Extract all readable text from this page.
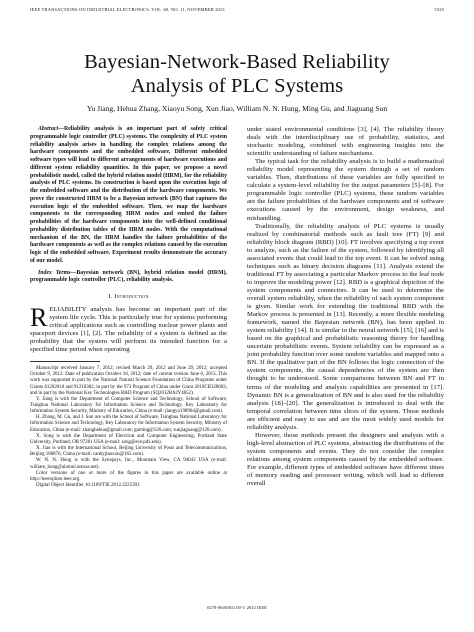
IEEE TRANSACTIONS ON INDUSTRIAL ELECTRONICS, VOL. 60, NO. 11, NOVEMBER 2013	5325
Bayesian-Network-Based Reliability
Analysis of PLC Systems
Yu Jiang, Hehua Zhang, Xiaoyu Song, Xun Jiao, William N. N. Hung, Ming Gu, and Jiaguang Sun
Abstract—Reliability analysis is an important part of safety critical programmable logic controller (PLC) systems. The complexity of PLC system reliability analysis arises in handling the complex relations among the hardware components and the embedded software. Different embedded software types will lead to different arrangements of hardware executions and different system reliability quantities. In this paper, we propose a novel probabilistic model, called the hybrid relation model (HRM), for the reliability analysis of PLC systems. Its construction is based upon the execution logic of the embedded software and the distribution of the hardware components. We prove the constructed HRM to be a Bayesian network (BN) that captures the execution logic of the embedded software. Then, we map the hardware components to the corresponding HRM nodes and embed the failure probabilities of the hardware components into the well-defined conditional probability distribution tables of the HRM nodes. With the computational mechanism of the BN, the HRM handles the failure probabilities of the hardware components as well as the complex relations caused by the execution logic of the embedded software. Experiment results demonstrate the accuracy of our model.
Index Terms—Bayesian network (BN), hybrid relation model (HRM), programmable logic controller (PLC), reliability analysis.
I. Introduction
RELIABILITY analysis has become an important part of the system life cycle. This is particularly true for systems performing critical applications such as controlling nuclear power plants and spaceport devices [1], [2]. The reliability of a system is defined as the probability that the system will perform its intended function for a specified time period when operating

Manuscript received January 7, 2012; revised March 29, 2012 and June 29, 2012; accepted October 9, 2012. Date of publication October 18, 2012; date of current version June 6, 2013. This work was supported in part by the National Natural Science Foundation of China Programs under Grants 61202010 and 91218302, in part by the 973 Program of China under Grant 2010CB328003, and in part by the National Key Technologies R&D Program (SQ2012BAJY4052).

Y. Jiang is with the Department of Computer Science and Technology, School of Software, Tsinghua National Laboratory for Information Science and Technology, Key Laboratory for Information System Security, Ministry of Education, China (e-mail: jiangyu198964@gmail.com).

H. Zhang, M. Gu, and J. Sun are with the School of Software, Tsinghua National Laboratory for Information Science and Technology, Key Laboratory for Information System Security, Ministry of Education, China (e-mail: zhanghehua@gmail.com; guming@126.com; sunjiaguang@126.com).

X. Song is with the Department of Electrical and Computer Engineering, Portland State University, Portland, OR 97201 USA (e-mail: song@ece.pdx.edu).

X. Jiao is with the International School, Beijing University of Posts and Telecommunications, Beijing 100876, China (e-mail: canbyjiaoxun@163.com).

W. N. N. Hung is with the Synopsys, Inc., Mountain View, CA 94043 USA (e-mail: william_hung@alumni.utexas.net).

Color versions of one or more of the figures in this paper are available online at http://ieeexplore.ieee.org.

Digital Object Identifier 10.1109/TIE.2012.2225393

under stated environmental conditions [3], [4]. The reliability theory deals with the interdisciplinary use of probability, statistics, and stochastic modeling, combined with engineering insights into the scientific understanding of failure mechanisms.

The typical task for the reliability analysis is to build a mathematical reliability model representing the system through a set of random variables. Then, distributions of these variables are fully specified to calculate a system-level reliability for the output parameters [5]–[8]. For programmable logic controller (PLC) systems, these random variables are the failure probabilities of the hardware components and of software executions caused by the environment, design weakness, and mishandling.

Traditionally, the reliability analysis of PLC systems is usually realized by combinatorial methods such as fault tree (FT) [9] and reliability block diagram (RBD) [10]. FT involves specifying a top event to analyze, such as the failure of the system, followed by identifying all associated events that could lead to the top event. It can be solved using techniques such as binary decision diagrams [11]. Analysts extend the traditional FT by associating a particular Markov process to the leaf node to improve the modeling power [12]. RBD is a graphical depiction of the system components and connectors. It can be used to determine the overall system reliability, when the reliability of each system component is given. Similar work for extending the traditional RBD with the Markov process is presented in [13]. Recently, a more flexible modeling framework, named the Bayesian network (BN), has been applied in system reliability [14]. It is similar to the neural network [15], [16] and is based on the graphical and probabilistic reasoning theory for handling uncertain probabilistic events. System reliability can be expressed as a joint probability function over some random variables and mapped onto a BN. If the qualitative part of the BN follows the logic connection of the system components, the causal dependencies of the system are then thought to be understood. Some comparisons between BN and FT in terms of the modeling and analysis capabilities are presented in [17]. Dynamic BN is a generalization of BN and is also used for the reliability analysis [18]–[20]. The generalization is introduced to deal with the temporal correlation between time slices of the system. Those methods are efficient and easy to use and are the most widely used models for reliability analysis.

However, those methods present the designers and analysts with a high-level abstraction of PLC systems, abstracting the distributions of the system components and events. They do not consider the complex relations among system components caused by the embedded software. For example, different types of embedded software have different times of memory reading and processor writing, which will lead to different overall

0278-0046/$31.00 © 2012 IEEE
